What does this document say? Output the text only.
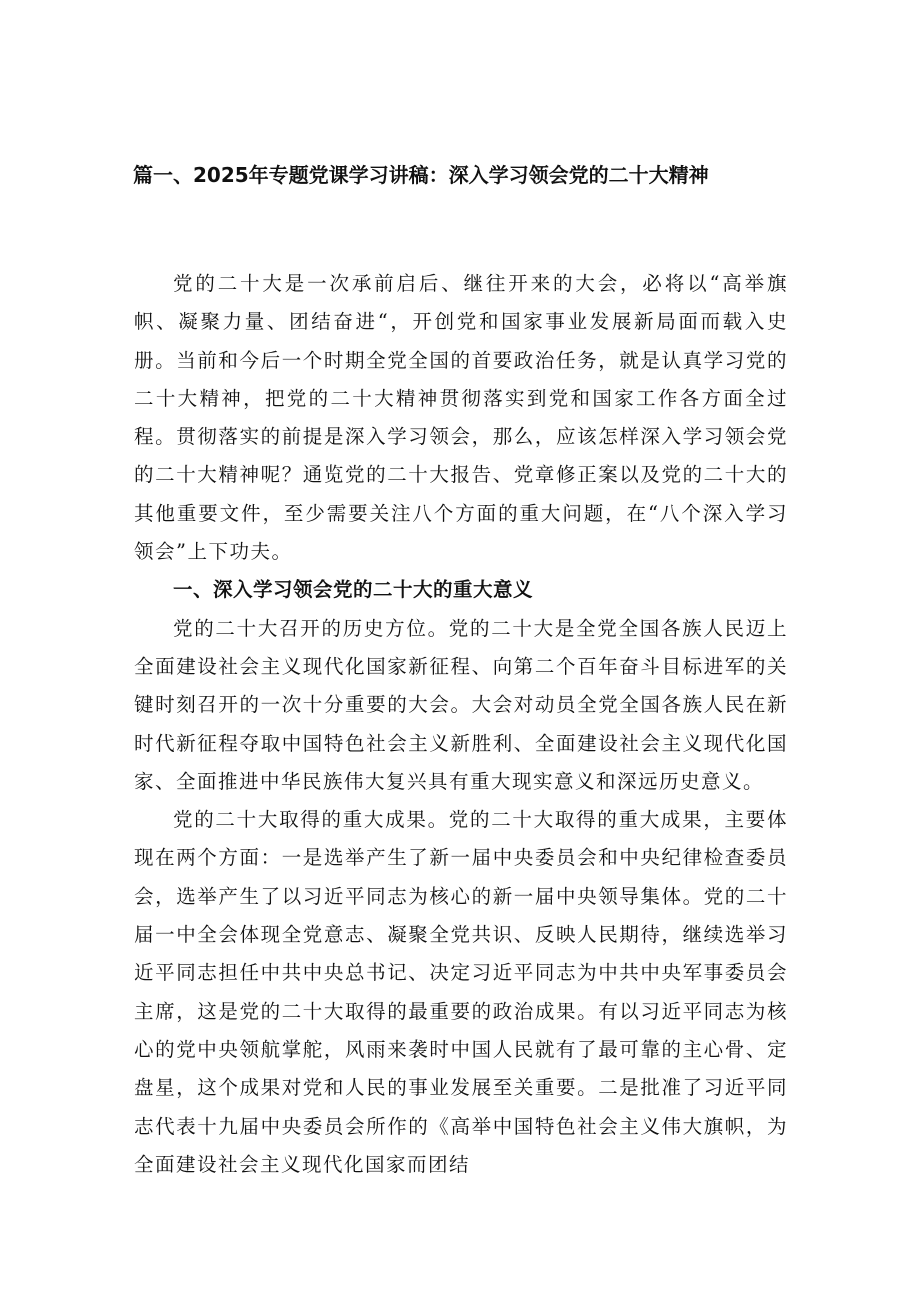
篇一、2025年专题党课学习讲稿：深入学习领会党的二十大精神

党的二十大是一次承前启后、继往开来的大会，必将以“高举旗帜、凝聚力量、团结奋进“，开创党和国家事业发展新局面而载入史册。当前和今后一个时期全党全国的首要政治任务，就是认真学习党的二十大精神，把党的二十大精神贯彻落实到党和国家工作各方面全过程。贯彻落实的前提是深入学习领会，那么，应该怎样深入学习领会党的二十大精神呢？通览党的二十大报告、党章修正案以及党的二十大的其他重要文件，至少需要关注八个方面的重大问题，在“八个深入学习领会”上下功夫。

一、深入学习领会党的二十大的重大意义

党的二十大召开的历史方位。党的二十大是全党全国各族人民迈上全面建设社会主义现代化国家新征程、向第二个百年奋斗目标进军的关键时刻召开的一次十分重要的大会。大会对动员全党全国各族人民在新时代新征程夺取中国特色社会主义新胜利、全面建设社会主义现代化国家、全面推进中华民族伟大复兴具有重大现实意义和深远历史意义。

党的二十大取得的重大成果。党的二十大取得的重大成果，主要体现在两个方面：一是选举产生了新一届中央委员会和中央纪律检查委员会，选举产生了以习近平同志为核心的新一届中央领导集体。党的二十届一中全会体现全党意志、凝聚全党共识、反映人民期待，继续选举习近平同志担任中共中央总书记、决定习近平同志为中共中央军事委员会主席，这是党的二十大取得的最重要的政治成果。有以习近平同志为核心的党中央领航掌舵，风雨来袭时中国人民就有了最可靠的主心骨、定盘星，这个成果对党和人民的事业发展至关重要。二是批准了习近平同志代表十九届中央委员会所作的《高举中国特色社会主义伟大旗帜，为全面建设社会主义现代化国家而团结
